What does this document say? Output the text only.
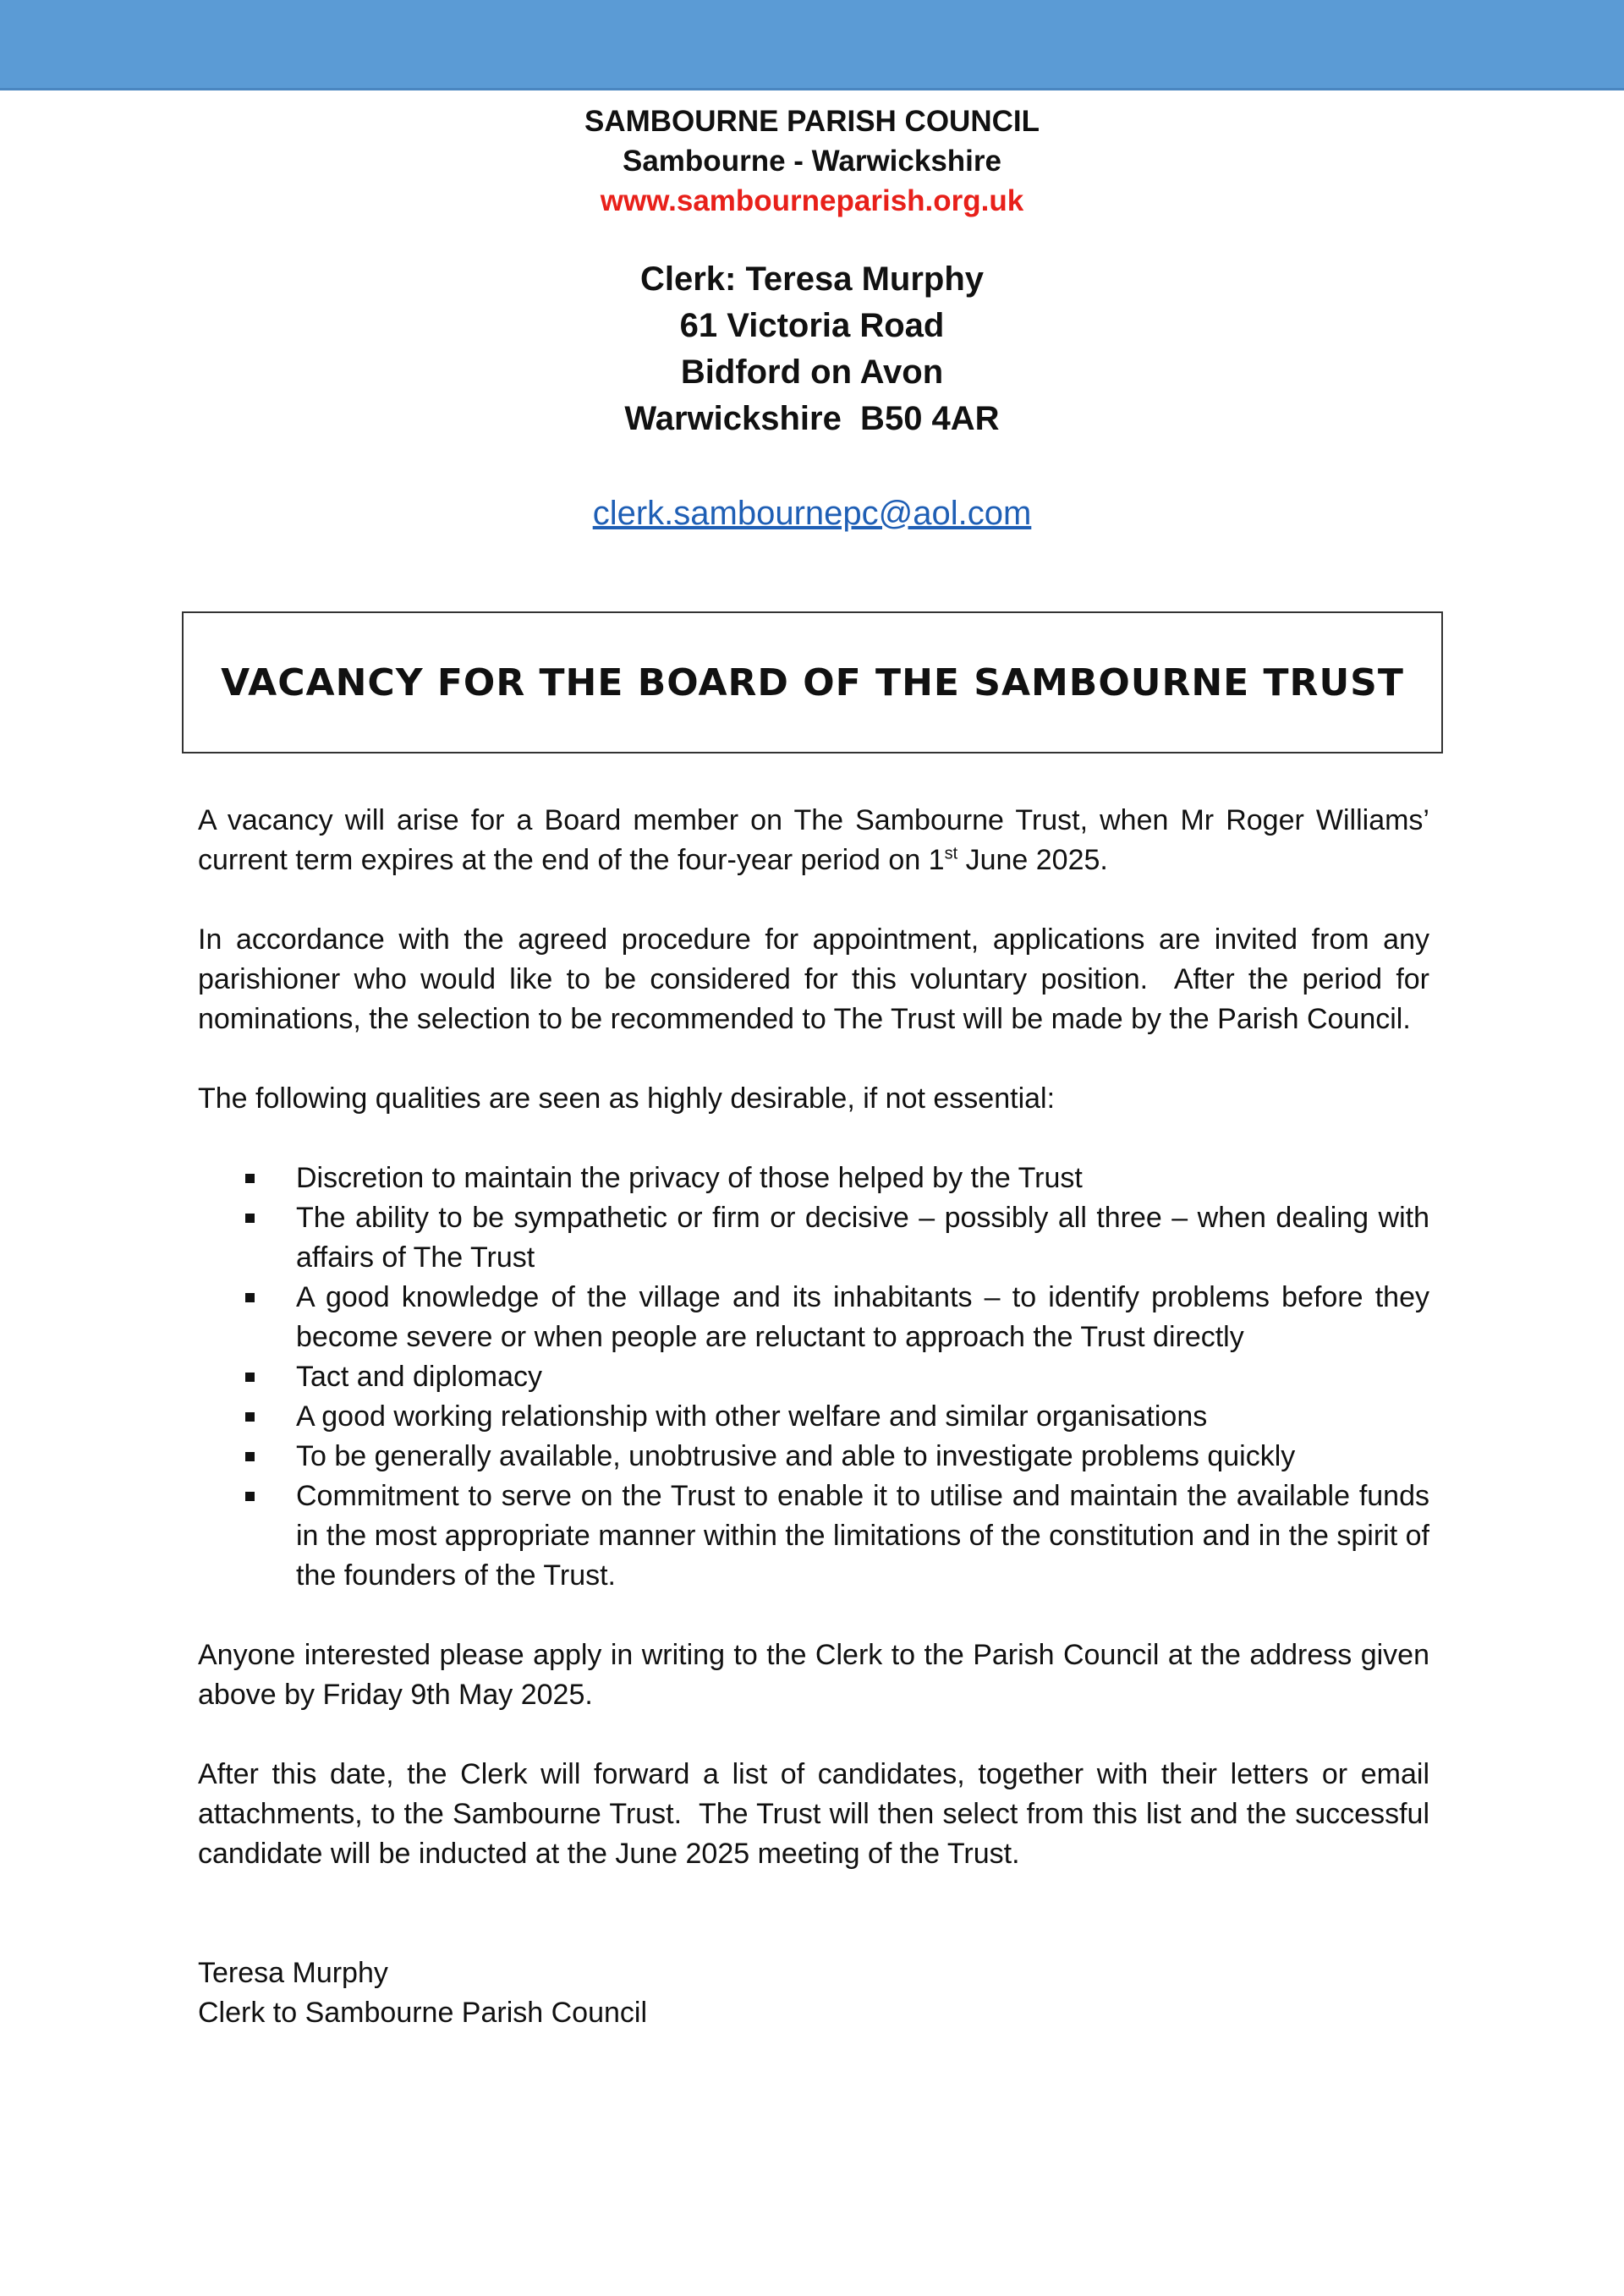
SAMBOURNE PARISH COUNCIL
Sambourne - Warwickshire
www.sambourneparish.org.uk
Clerk: Teresa Murphy
61 Victoria Road
Bidford on Avon
Warwickshire  B50 4AR
clerk.sambournepc@aol.com
VACANCY FOR THE BOARD OF THE SAMBOURNE TRUST

A vacancy will arise for a Board member on The Sambourne Trust, when Mr Roger Williams’ current term expires at the end of the four-year period on 1st June 2025.

In accordance with the agreed procedure for appointment, applications are invited from any parishioner who would like to be considered for this voluntary position.  After the period for nominations, the selection to be recommended to The Trust will be made by the Parish Council.

The following qualities are seen as highly desirable, if not essential:

Discretion to maintain the privacy of those helped by the Trust
The ability to be sympathetic or firm or decisive – possibly all three – when dealing with affairs of The Trust
A good knowledge of the village and its inhabitants – to identify problems before they become severe or when people are reluctant to approach the Trust directly
Tact and diplomacy
A good working relationship with other welfare and similar organisations
To be generally available, unobtrusive and able to investigate problems quickly
Commitment to serve on the Trust to enable it to utilise and maintain the available funds in the most appropriate manner within the limitations of the constitution and in the spirit of the founders of the Trust.

Anyone interested please apply in writing to the Clerk to the Parish Council at the address given above by Friday 9th May 2025.

After this date, the Clerk will forward a list of candidates, together with their letters or email attachments, to the Sambourne Trust.  The Trust will then select from this list and the successful candidate will be inducted at the June 2025 meeting of the Trust.

Teresa Murphy
Clerk to Sambourne Parish Council
